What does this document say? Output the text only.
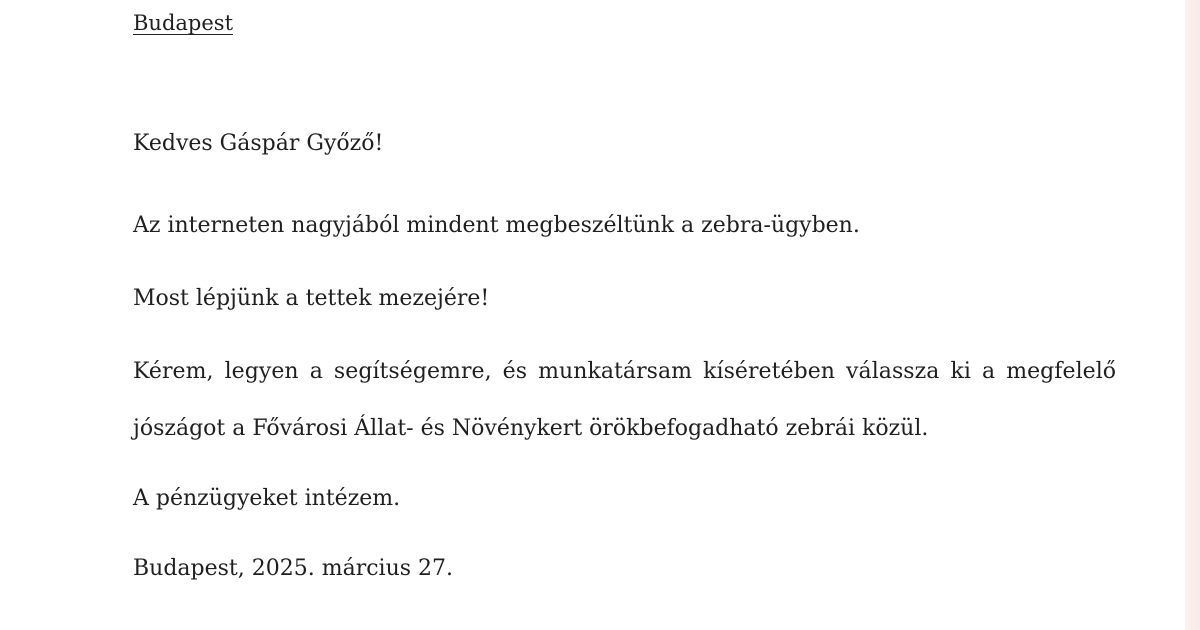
Budapest
Kedves Gáspár Győző!
Az interneten nagyjából mindent megbeszéltünk a zebra-ügyben.
Most lépjünk a tettek mezejére!
Kérem, legyen a segítségemre, és munkatársam kíséretében válassza ki a megfelelő
jószágot a Fővárosi Állat- és Növénykert örökbefogadható zebrái közül.
A pénzügyeket intézem.
Budapest, 2025. március 27.
